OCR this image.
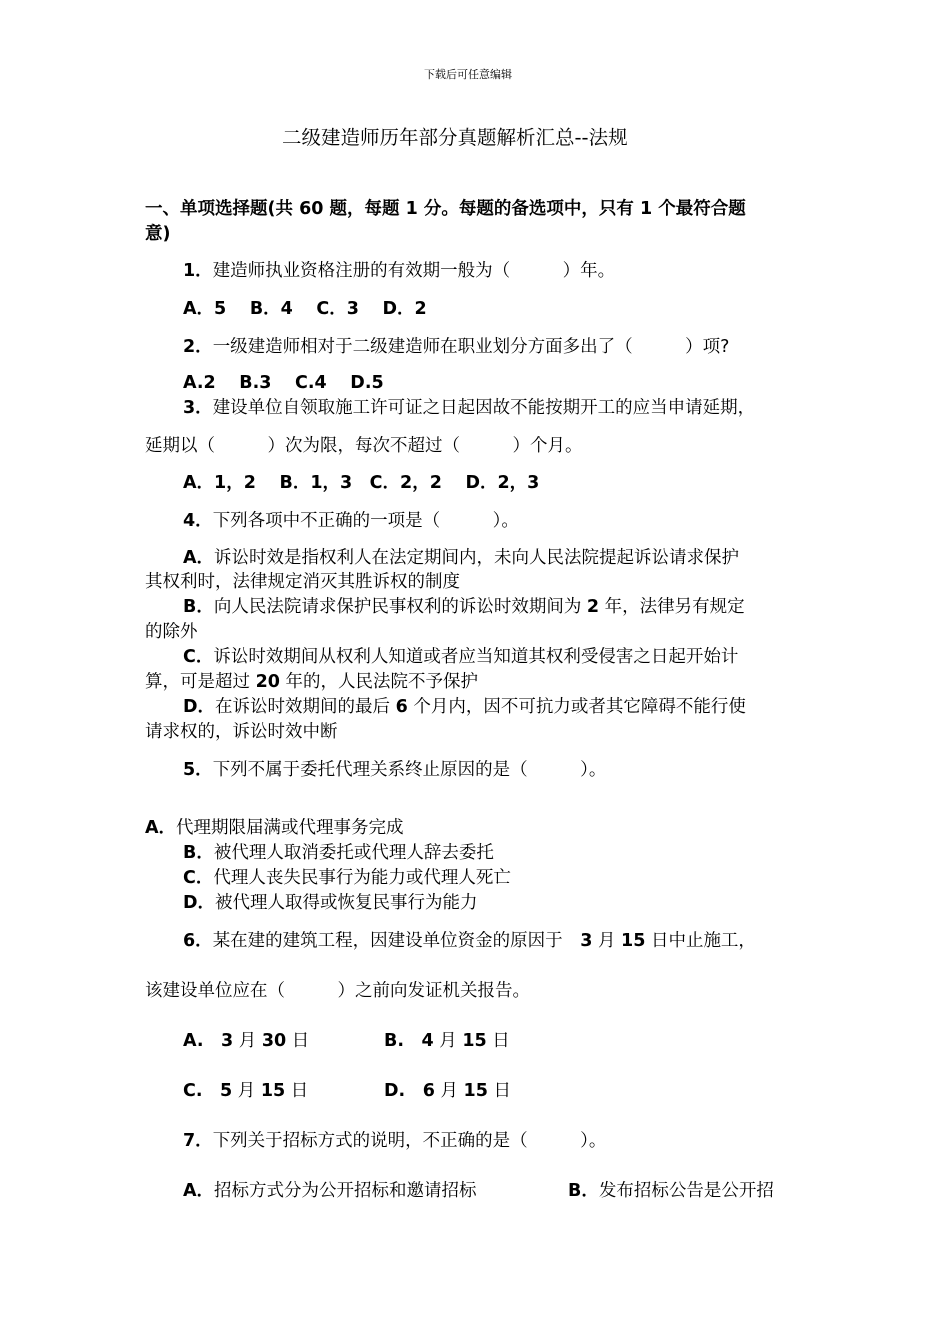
下载后可任意编辑
二级建造师历年部分真题解析汇总--法规
一、单项选择题(共 60 题，每题 1 分。每题的备选项中，只有 1 个最符合题
意)
1．建造师执业资格注册的有效期一般为（　　　）年。
A．5　 B．4　 C．3　 D．2
2．一级建造师相对于二级建造师在职业划分方面多出了（　　　）项?
A.2　 B.3　 C.4　 D.5
3．建设单位自领取施工许可证之日起因故不能按期开工的应当申请延期，
延期以（　　　）次为限，每次不超过（　　　）个月。
A．1，2　 B．1，3　C．2，2　 D．2，3
4．下列各项中不正确的一项是（　　　）。
A．诉讼时效是指权利人在法定期间内，未向人民法院提起诉讼请求保护
其权利时，法律规定消灭其胜诉权的制度
B．向人民法院请求保护民事权利的诉讼时效期间为 2 年，法律另有规定
的除外
C．诉讼时效期间从权利人知道或者应当知道其权利受侵害之日起开始计
算，可是超过 20 年的，人民法院不予保护
D．在诉讼时效期间的最后 6 个月内，因不可抗力或者其它障碍不能行使
请求权的，诉讼时效中断
5．下列不属于委托代理关系终止原因的是（　　　）。
A．代理期限届满或代理事务完成
B．被代理人取消委托或代理人辞去委托
C．代理人丧失民事行为能力或代理人死亡
D．被代理人取得或恢复民事行为能力
6．某在建的建筑工程，因建设单位资金的原因于　3 月 15 日中止施工，
该建设单位应在（　　　）之前向发证机关报告。
A.　 3 月 30 日	B.　 4 月 15 日
C.　 5 月 15 日	D.　 6 月 15 日
7．下列关于招标方式的说明，不正确的是（　　　）。
A．招标方式分为公开招标和邀请招标	B．发布招标公告是公开招
